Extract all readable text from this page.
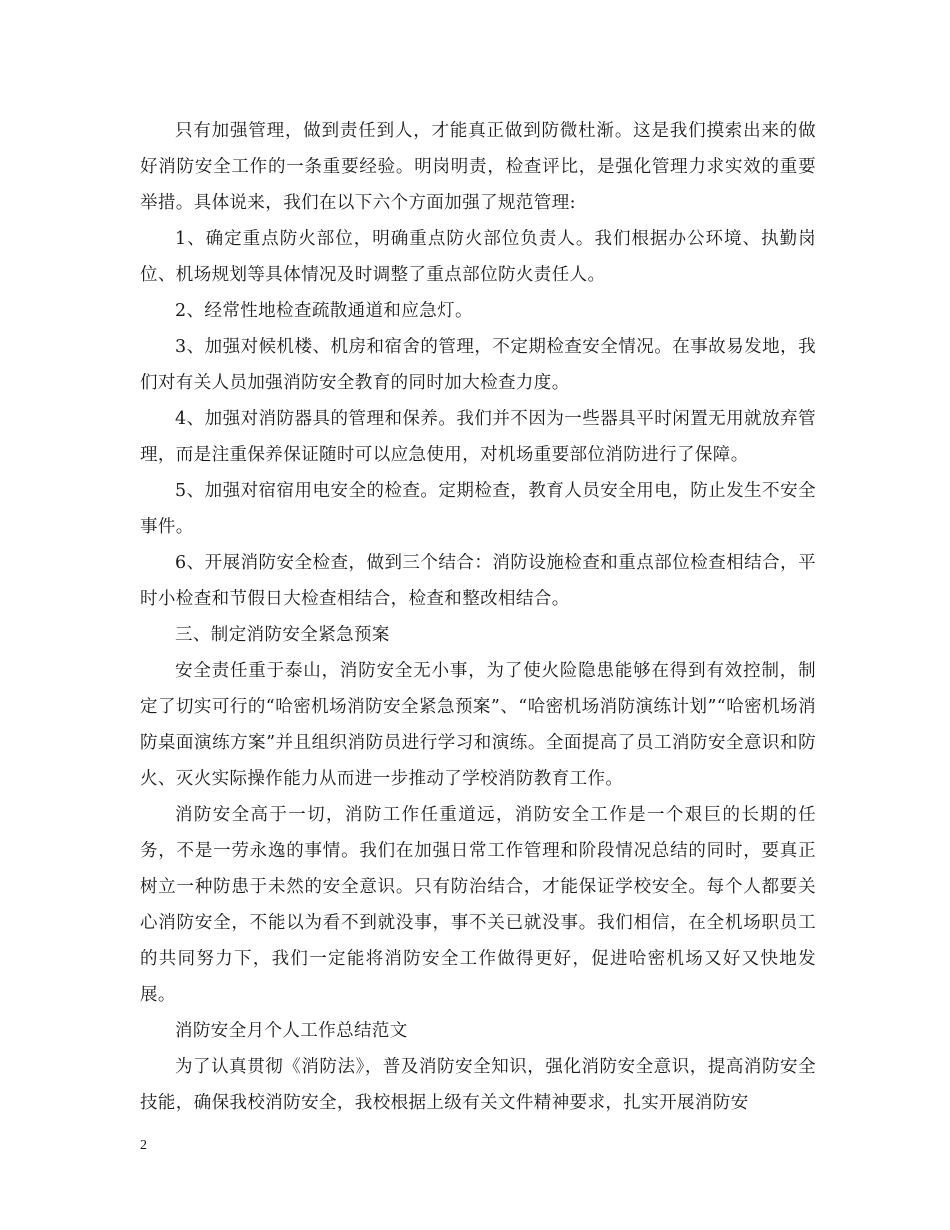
只有加强管理，做到责任到人，才能真正做到防微杜渐。这是我们摸索出来的做好消防安全工作的一条重要经验。明岗明责，检查评比，是强化管理力求实效的重要举措。具体说来，我们在以下六个方面加强了规范管理:

1、确定重点防火部位，明确重点防火部位负责人。我们根据办公环境、执勤岗位、机场规划等具体情况及时调整了重点部位防火责任人。

2、经常性地检查疏散通道和应急灯。

3、加强对候机楼、机房和宿舍的管理，不定期检查安全情况。在事故易发地，我们对有关人员加强消防安全教育的同时加大检查力度。

4、加强对消防器具的管理和保养。我们并不因为一些器具平时闲置无用就放弃管理，而是注重保养保证随时可以应急使用，对机场重要部位消防进行了保障。

5、加强对宿宿用电安全的检查。定期检查，教育人员安全用电，防止发生不安全事件。

6、开展消防安全检查，做到三个结合：消防设施检查和重点部位检查相结合，平时小检查和节假日大检查相结合，检查和整改相结合。

三、制定消防安全紧急预案

安全责任重于泰山，消防安全无小事，为了使火险隐患能够在得到有效控制，制定了切实可行的“哈密机场消防安全紧急预案”、“哈密机场消防演练计划”“哈密机场消防桌面演练方案”并且组织消防员进行学习和演练。全面提高了员工消防安全意识和防火、灭火实际操作能力从而进一步推动了学校消防教育工作。

消防安全高于一切，消防工作任重道远，消防安全工作是一个艰巨的长期的任务，不是一劳永逸的事情。我们在加强日常工作管理和阶段情况总结的同时，要真正树立一种防患于未然的安全意识。只有防治结合，才能保证学校安全。每个人都要关心消防安全，不能以为看不到就没事，事不关已就没事。我们相信，在全机场职员工的共同努力下，我们一定能将消防安全工作做得更好，促进哈密机场又好又快地发展。

消防安全月个人工作总结范文

为了认真贯彻《消防法》，普及消防安全知识，强化消防安全意识，提高消防安全技能，确保我校消防安全，我校根据上级有关文件精神要求，扎实开展消防安

2
